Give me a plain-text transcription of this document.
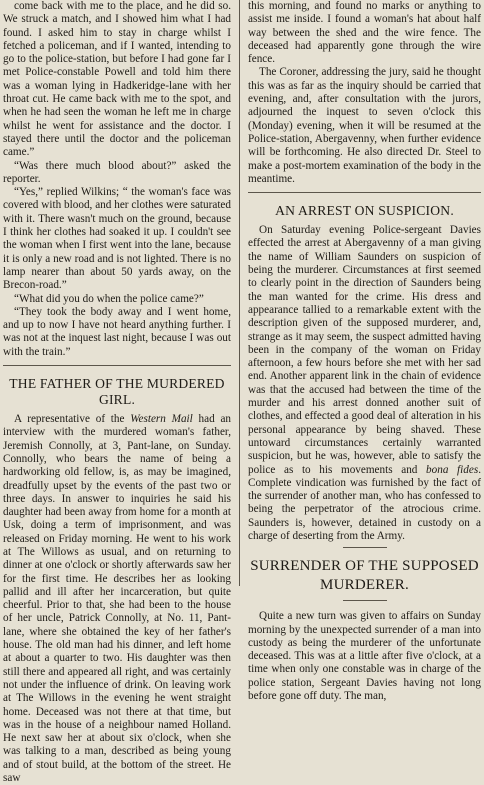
come back with me to the place, and he did so. We struck a match, and I showed him what I had found. I asked him to stay in charge whilst I fetched a policeman, and if I wanted, intending to go to the police-station, but before I had gone far I met Police-constable Powell and told him there was a woman lying in Hadkeridge-lane with her throat cut. He came back with me to the spot, and when he had seen the woman he left me in charge whilst he went for assistance and the doctor. I stayed there until the doctor and the policeman came.”

“Was there much blood about?” asked the reporter.

“Yes,” replied Wilkins; “ the woman's face was covered with blood, and her clothes were saturated with it. There wasn't much on the ground, because I think her clothes had soaked it up. I couldn't see the woman when I first went into the lane, because it is only a new road and is not lighted. There is no lamp nearer than about 50 yards away, on the Brecon-road.”

“What did you do when the police came?”

“They took the body away and I went home, and up to now I have not heard anything further. I was not at the inquest last night, because I was out with the train.”

THE FATHER OF THE MURDERED GIRL.

A representative of the Western Mail had an interview with the murdered woman's father, Jeremish Connolly, at 3, Pant-lane, on Sunday. Connolly, who bears the name of being a hardworking old fellow, is, as may be imagined, dreadfully upset by the events of the past two or three days. In answer to inquiries he said his daughter had been away from home for a month at Usk, doing a term of imprisonment, and was released on Friday morning. He went to his work at The Willows as usual, and on returning to dinner at one o'clock or shortly afterwards saw her for the first time. He describes her as looking pallid and ill after her incarceration, but quite cheerful. Prior to that, she had been to the house of her uncle, Patrick Connolly, at No. 11, Pant-lane, where she obtained the key of her father's house. The old man had his dinner, and left home at about a quarter to two. His daughter was then still there and appeared all right, and was certainly not under the influence of drink. On leaving work at The Willows in the evening he went straight home. Deceased was not there at that time, but was in the house of a neighbour named Holland. He next saw her at about six o'clock, when she was talking to a man, described as being young and of stout build, at the bottom of the street. He saw

this morning, and found no marks or anything to assist me inside. I found a woman's hat about half way between the shed and the wire fence. The deceased had apparently gone through the wire fence.

The Coroner, addressing the jury, said he thought this was as far as the inquiry should be carried that evening, and, after consultation with the jurors, adjourned the inquest to seven o'clock this (Monday) evening, when it will be resumed at the Police-station, Abergavenny, when further evidence will be forthcoming. He also directed Dr. Steel to make a post-mortem examination of the body in the meantime.

AN ARREST ON SUSPICION.

On Saturday evening Police-sergeant Davies effected the arrest at Abergavenny of a man giving the name of William Saunders on suspicion of being the murderer. Circumstances at first seemed to clearly point in the direction of Saunders being the man wanted for the crime. His dress and appearance tallied to a remarkable extent with the description given of the supposed murderer, and, strange as it may seem, the suspect admitted having been in the company of the woman on Friday afternoon, a few hours before she met with her sad end. Another apparent link in the chain of evidence was that the accused had between the time of the murder and his arrest donned another suit of clothes, and effected a good deal of alteration in his personal appearance by being shaved. These untoward circumstances certainly warranted suspicion, but he was, however, able to satisfy the police as to his movements and bona fides. Complete vindication was furnished by the fact of the surrender of another man, who has confessed to being the perpetrator of the atrocious crime. Saunders is, however, detained in custody on a charge of deserting from the Army.

SURRENDER OF THE SUPPOSED MURDERER.

Quite a new turn was given to affairs on Sunday morning by the unexpected surrender of a man into custody as being the murderer of the unfortunate deceased. This was at a little after five o'clock, at a time when only one constable was in charge of the police station, Sergeant Davies having not long before gone off duty. The man,
